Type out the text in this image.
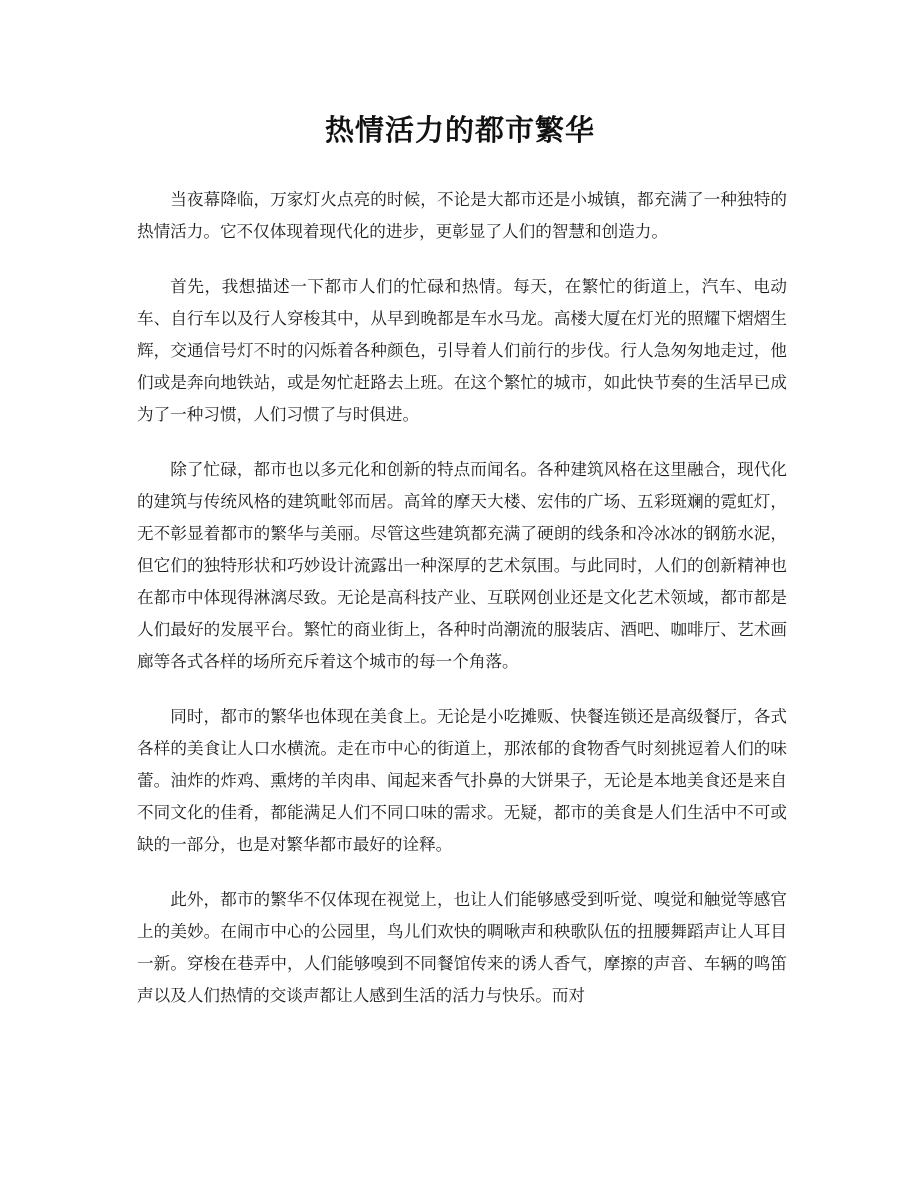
热情活力的都市繁华

当夜幕降临，万家灯火点亮的时候，不论是大都市还是小城镇，都充满了一种独特的热情活力。它不仅体现着现代化的进步，更彰显了人们的智慧和创造力。

首先，我想描述一下都市人们的忙碌和热情。每天，在繁忙的街道上，汽车、电动车、自行车以及行人穿梭其中，从早到晚都是车水马龙。高楼大厦在灯光的照耀下熠熠生辉，交通信号灯不时的闪烁着各种颜色，引导着人们前行的步伐。行人急匆匆地走过，他们或是奔向地铁站，或是匆忙赶路去上班。在这个繁忙的城市，如此快节奏的生活早已成为了一种习惯，人们习惯了与时俱进。

除了忙碌，都市也以多元化和创新的特点而闻名。各种建筑风格在这里融合，现代化的建筑与传统风格的建筑毗邻而居。高耸的摩天大楼、宏伟的广场、五彩斑斓的霓虹灯，无不彰显着都市的繁华与美丽。尽管这些建筑都充满了硬朗的线条和冷冰冰的钢筋水泥，但它们的独特形状和巧妙设计流露出一种深厚的艺术氛围。与此同时，人们的创新精神也在都市中体现得淋漓尽致。无论是高科技产业、互联网创业还是文化艺术领域，都市都是人们最好的发展平台。繁忙的商业街上，各种时尚潮流的服装店、酒吧、咖啡厅、艺术画廊等各式各样的场所充斥着这个城市的每一个角落。

同时，都市的繁华也体现在美食上。无论是小吃摊贩、快餐连锁还是高级餐厅，各式各样的美食让人口水横流。走在市中心的街道上，那浓郁的食物香气时刻挑逗着人们的味蕾。油炸的炸鸡、熏烤的羊肉串、闻起来香气扑鼻的大饼果子，无论是本地美食还是来自不同文化的佳肴，都能满足人们不同口味的需求。无疑，都市的美食是人们生活中不可或缺的一部分，也是对繁华都市最好的诠释。

此外，都市的繁华不仅体现在视觉上，也让人们能够感受到听觉、嗅觉和触觉等感官上的美妙。在闹市中心的公园里，鸟儿们欢快的啁啾声和秧歌队伍的扭腰舞蹈声让人耳目一新。穿梭在巷弄中，人们能够嗅到不同餐馆传来的诱人香气，摩擦的声音、车辆的鸣笛声以及人们热情的交谈声都让人感到生活的活力与快乐。而对
